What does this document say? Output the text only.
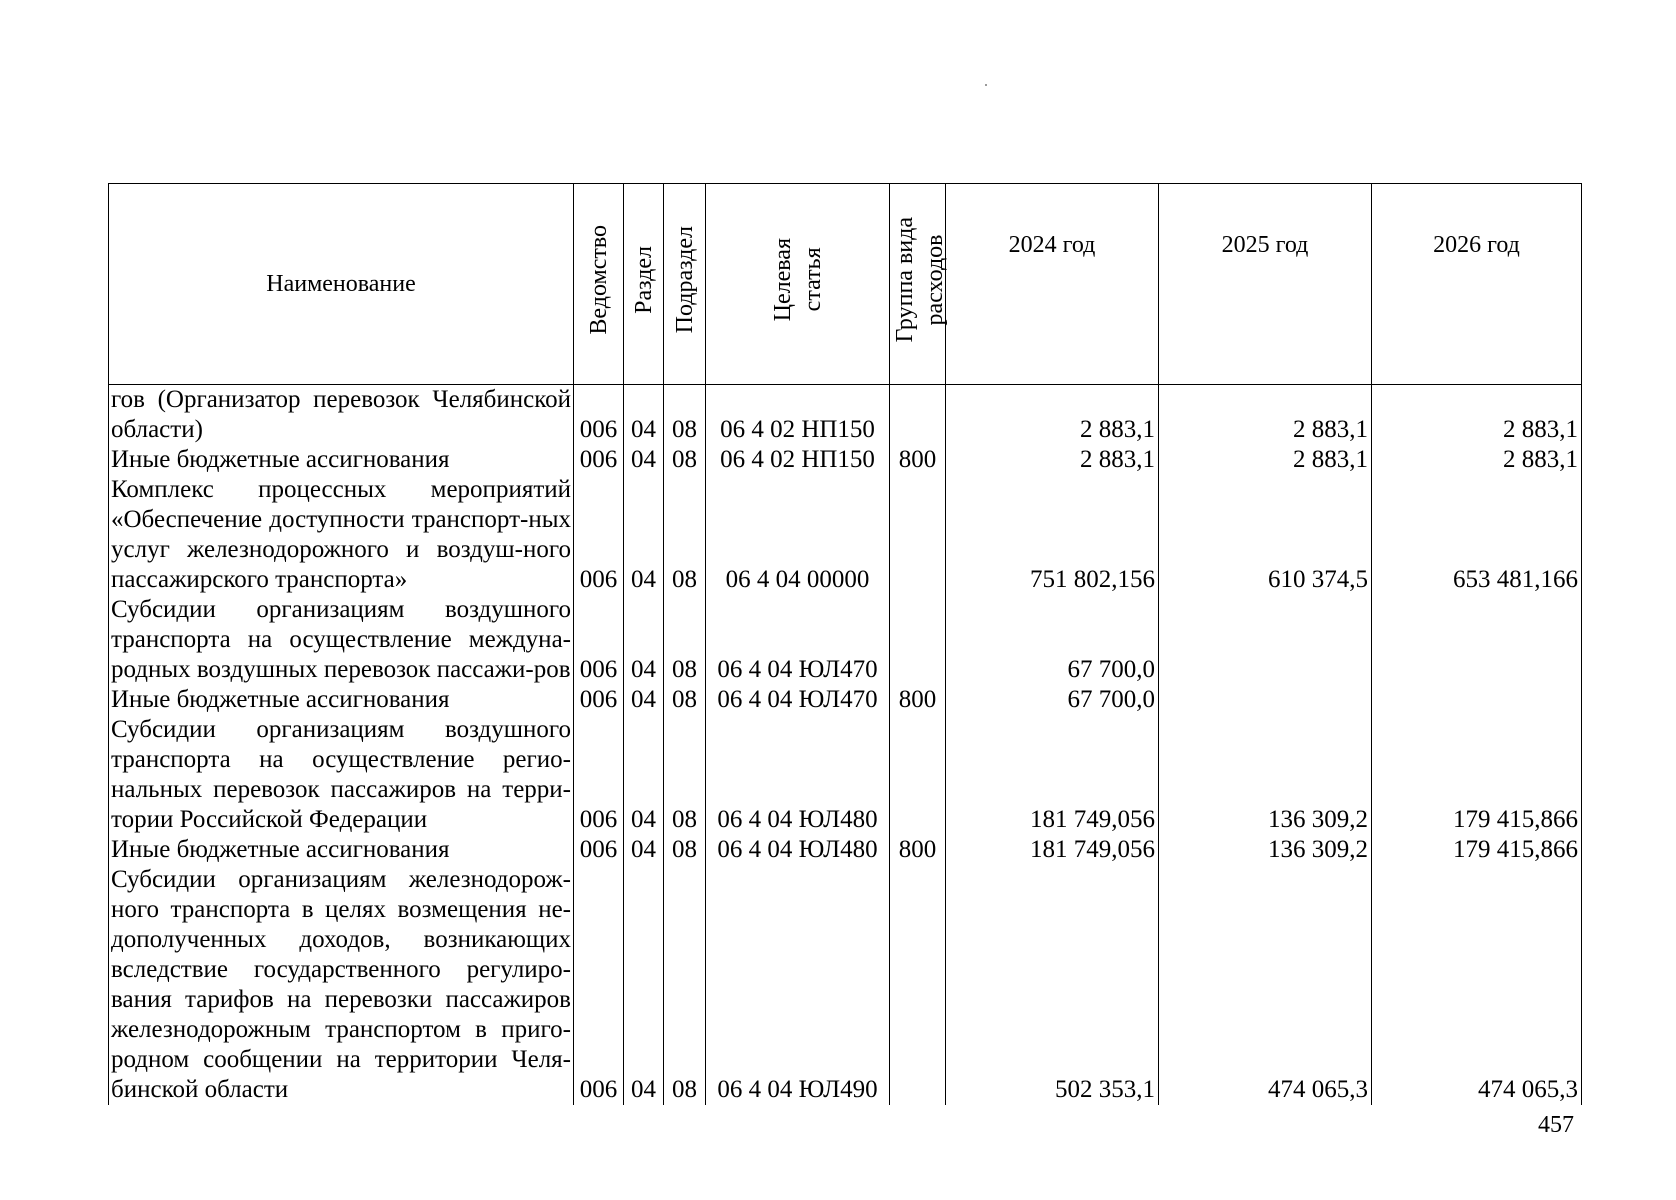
Наименование	Ведомство	Раздел	Подраздел	Целевая статья	Группа вида расходов	2024 год	2025 год	2026 год
гов (Организатор перевозок Челябинской области)	006	04	08	06 4 02 НП150		2 883,1	2 883,1	2 883,1
Иные бюджетные ассигнования	006	04	08	06 4 02 НП150	800	2 883,1	2 883,1	2 883,1
Комплекс процессных мероприятий «Обеспечение доступности транспорт-ных услуг железнодорожного и воздуш-ного пассажирского транспорта»	006	04	08	06 4 04 00000		751 802,156	610 374,5	653 481,166
Субсидии организациям воздушного транспорта на осуществление междуна-родных воздушных перевозок пассажи-ров	006	04	08	06 4 04 ЮЛ470		67 700,0		
Иные бюджетные ассигнования	006	04	08	06 4 04 ЮЛ470	800	67 700,0		
Субсидии организациям воздушного транспорта на осуществление регио-нальных перевозок пассажиров на терри-тории Российской Федерации	006	04	08	06 4 04 ЮЛ480		181 749,056	136 309,2	179 415,866
Иные бюджетные ассигнования	006	04	08	06 4 04 ЮЛ480	800	181 749,056	136 309,2	179 415,866
Субсидии организациям железнодорож-ного транспорта в целях возмещения не-дополученных доходов, возникающих вследствие государственного регулиро-вания тарифов на перевозки пассажиров железнодорожным транспортом в приго-родном сообщении на территории Челя-бинской области	006	04	08	06 4 04 ЮЛ490		502 353,1	474 065,3	474 065,3
457
